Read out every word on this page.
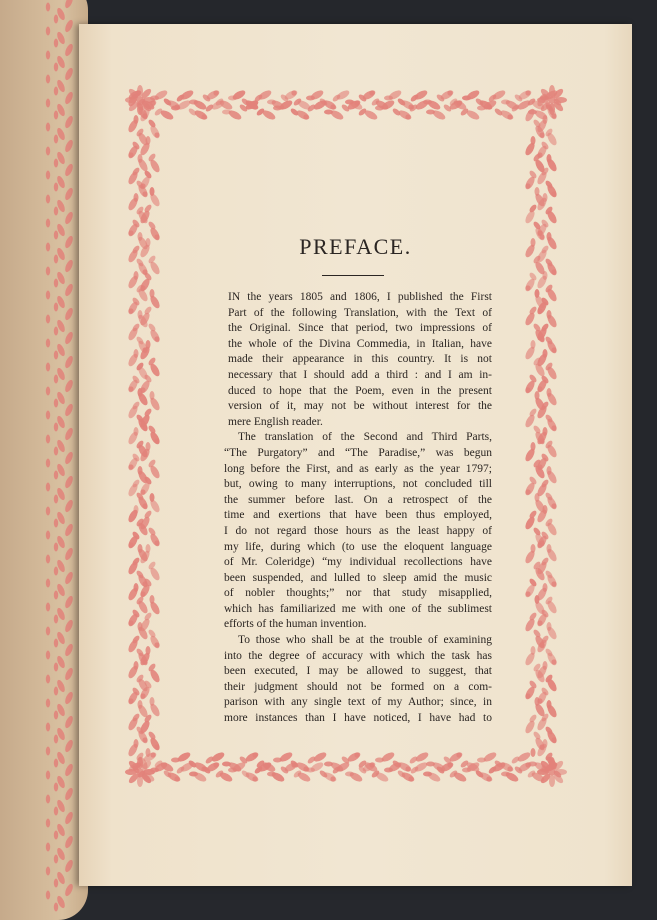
PREFACE.

IN the years 1805 and 1806, I published the First
Part of the following Translation, with the Text of
the Original. Since that period, two impressions of
the whole of the Divina Commedia, in Italian, have
made their appearance in this country. It is not
necessary that I should add a third : and I am in-
duced to hope that the Poem, even in the present
version of it, may not be without interest for the
mere English reader.

The translation of the Second and Third Parts,
“The Purgatory” and “The Paradise,” was begun
long before the First, and as early as the year 1797;
but, owing to many interruptions, not concluded till
the summer before last. On a retrospect of the
time and exertions that have been thus employed,
I do not regard those hours as the least happy of
my life, during which (to use the eloquent language
of Mr. Coleridge) “my individual recollections have
been suspended, and lulled to sleep amid the music
of nobler thoughts;” nor that study misapplied,
which has familiarized me with one of the sublimest
efforts of the human invention.

To those who shall be at the trouble of examining
into the degree of accuracy with which the task has
been executed, I may be allowed to suggest, that
their judgment should not be formed on a com-
parison with any single text of my Author; since, in
more instances than I have noticed, I have had to
